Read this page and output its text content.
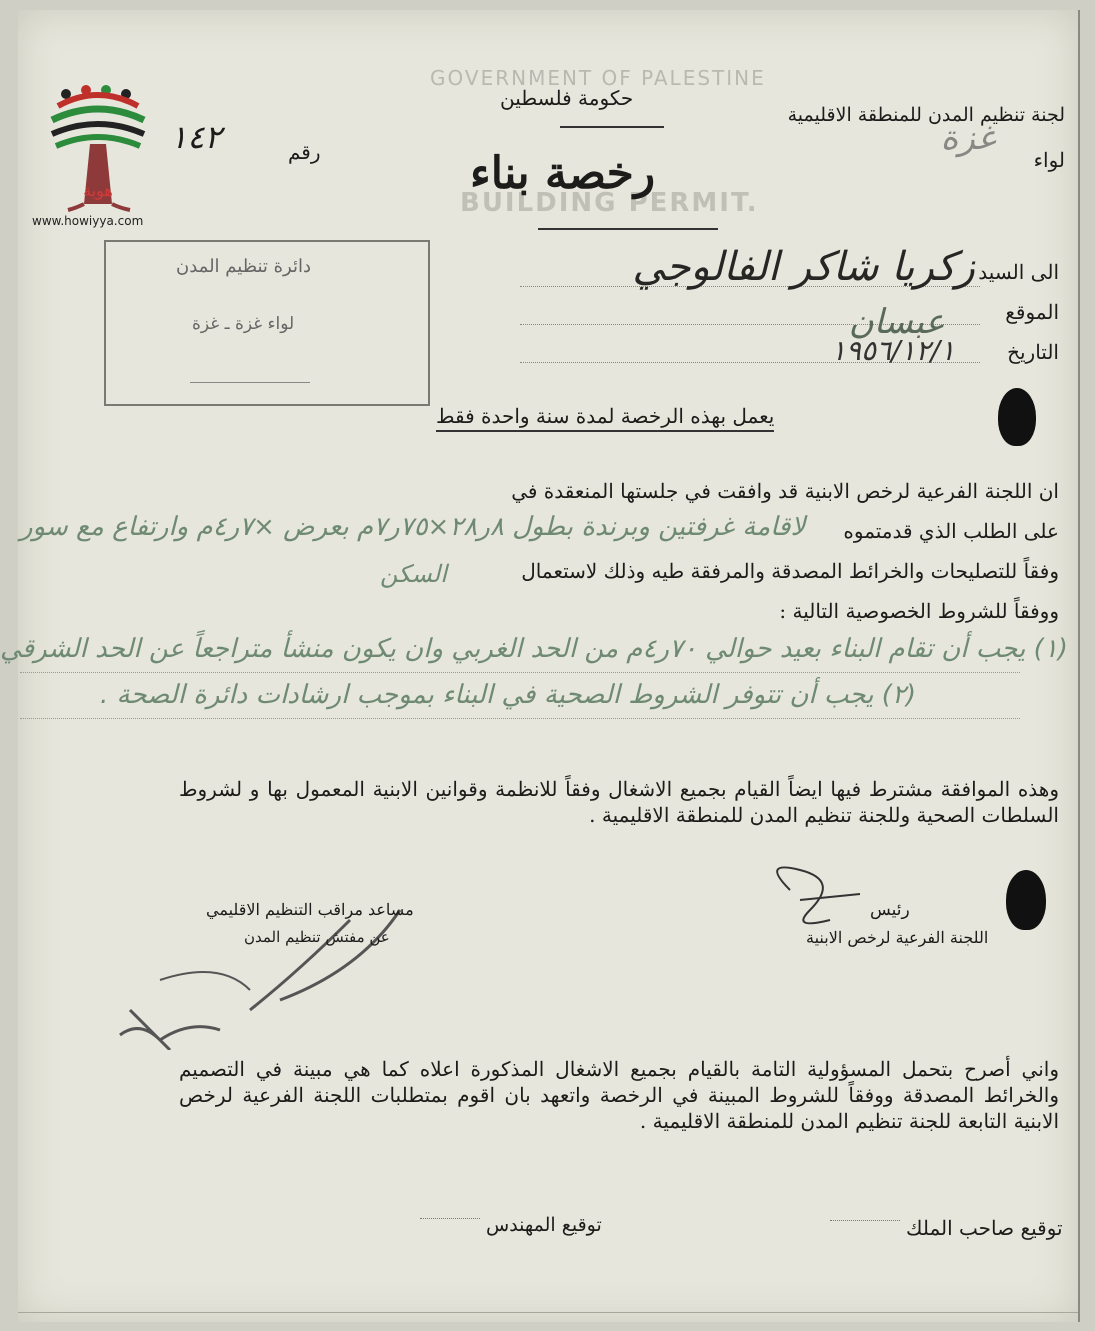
GOVERNMENT OF PALESTINE
BUILDING PERMIT.
هوية
www.howiyya.com
حكومة فلسطين
رخصة بناء
لجنة تنظيم المدن للمنطقة الاقليمية
لواء
غزة
رقم
١٤٢
دائرة تنظيم المدن
لواء غزة ـ غزة
الى السيد
الموقع
التاريخ
زكريا شاكر الفالوجي
عبسان
١٩٥٦/١٢/١
يعمل بهذه الرخصة لمدة سنة واحدة فقط
ان اللجنة الفرعية لرخص الابنية قد وافقت في جلستها المنعقدة في
على الطلب الذي قدمتموه
لاقامة غرفتين وبرندة بطول ٨ر٢٨×٧٥ر٧م بعرض ×٧ر٤م وارتفاع مع سور
وفقاً للتصليحات والخرائط المصدقة والمرفقة طيه وذلك لاستعمال
السكن
ووفقاً للشروط الخصوصية التالية :
(١) يجب أن تقام البناء بعيد حوالي ٧٠ر٤م من الحد الغربي وان يكون منشأ متراجعاً عن الحد الشرقي
(٢) يجب أن تتوفر الشروط الصحية في البناء بموجب ارشادات دائرة الصحة .
وهذه الموافقة مشترط فيها ايضاً القيام بجميع الاشغال وفقاً للانظمة وقوانين الابنية المعمول بها و لشروط السلطات الصحية وللجنة تنظيم المدن للمنطقة الاقليمية .
رئيس
اللجنة الفرعية لرخص الابنية
مساعد مراقب التنظيم الاقليمي
عن مفتش تنظيم المدن
واني أصرح بتحمل المسؤولية التامة بالقيام بجميع الاشغال المذكورة اعلاه كما هي مبينة في التصميم والخرائط المصدقة ووفقاً للشروط المبينة في الرخصة واتعهد بان اقوم بمتطلبات اللجنة الفرعية لرخص الابنية التابعة للجنة تنظيم المدن للمنطقة الاقليمية .
توقيع صاحب الملك
توقيع المهندس
